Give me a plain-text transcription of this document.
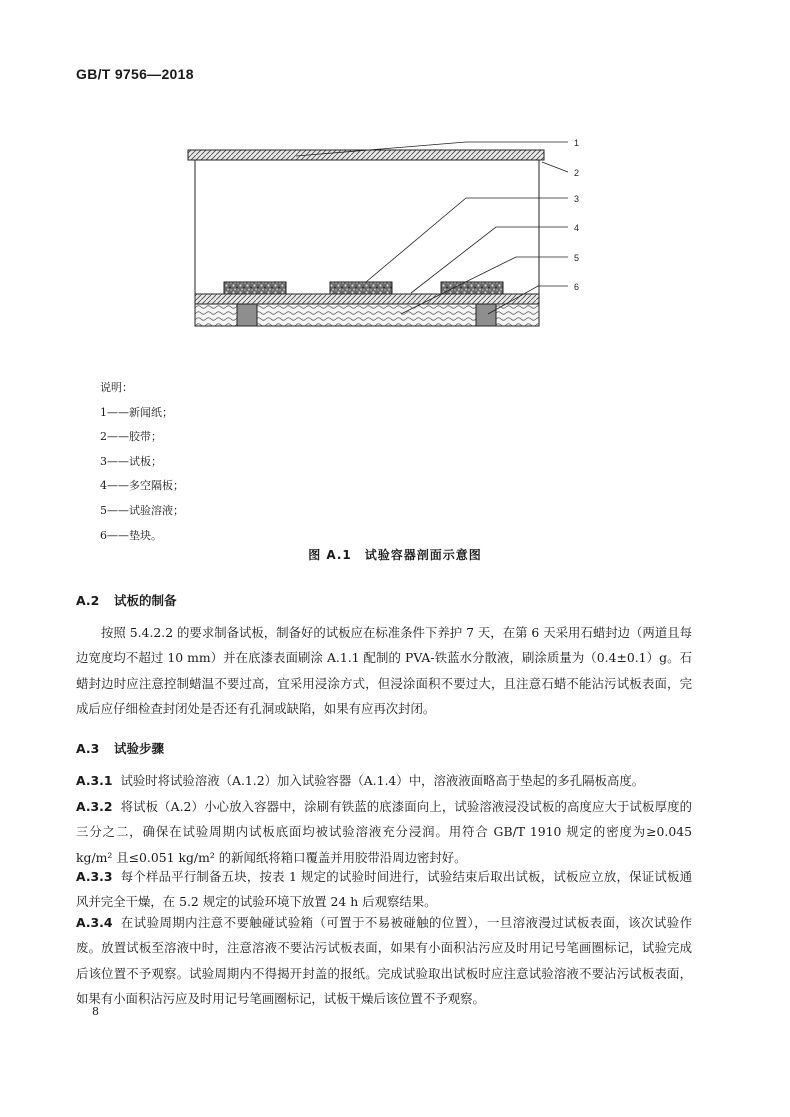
GB/T 9756—2018
1
2
3
4
5
6
说明：
1——新闻纸；
2——胶带；
3——试板；
4——多空隔板；
5——试验溶液；
6——垫块。
图 A.1　试验容器剖面示意图
A.2 试板的制备
按照 5.4.2.2 的要求制备试板，制备好的试板应在标准条件下养护 7 天，在第 6 天采用石蜡封边（两道且每边宽度均不超过 10 mm）并在底漆表面刷涂 A.1.1 配制的 PVA-铁蓝水分散液，刷涂质量为（0.4±0.1）g。石蜡封边时应注意控制蜡温不要过高，宜采用浸涂方式，但浸涂面积不要过大，且注意石蜡不能沾污试板表面，完成后应仔细检查封闭处是否还有孔洞或缺陷，如果有应再次封闭。
A.3 试验步骤
A.3.1 试验时将试验溶液（A.1.2）加入试验容器（A.1.4）中，溶液液面略高于垫起的多孔隔板高度。
A.3.2 将试板（A.2）小心放入容器中，涂刷有铁蓝的底漆面向上，试验溶液浸没试板的高度应大于试板厚度的三分之二，确保在试验周期内试板底面均被试验溶液充分浸润。用符合 GB/T 1910 规定的密度为≥0.045 kg/m² 且≤0.051 kg/m² 的新闻纸将箱口覆盖并用胶带沿周边密封好。
A.3.3 每个样品平行制备五块，按表 1 规定的试验时间进行，试验结束后取出试板，试板应立放，保证试板通风并完全干燥，在 5.2 规定的试验环境下放置 24 h 后观察结果。
A.3.4 在试验周期内注意不要触碰试验箱（可置于不易被碰触的位置），一旦溶液漫过试板表面，该次试验作废。放置试板至溶液中时，注意溶液不要沾污试板表面，如果有小面积沾污应及时用记号笔画圈标记，试验完成后该位置不予观察。试验周期内不得揭开封盖的报纸。完成试验取出试板时应注意试验溶液不要沾污试板表面，如果有小面积沾污应及时用记号笔画圈标记，试板干燥后该位置不予观察。
8
